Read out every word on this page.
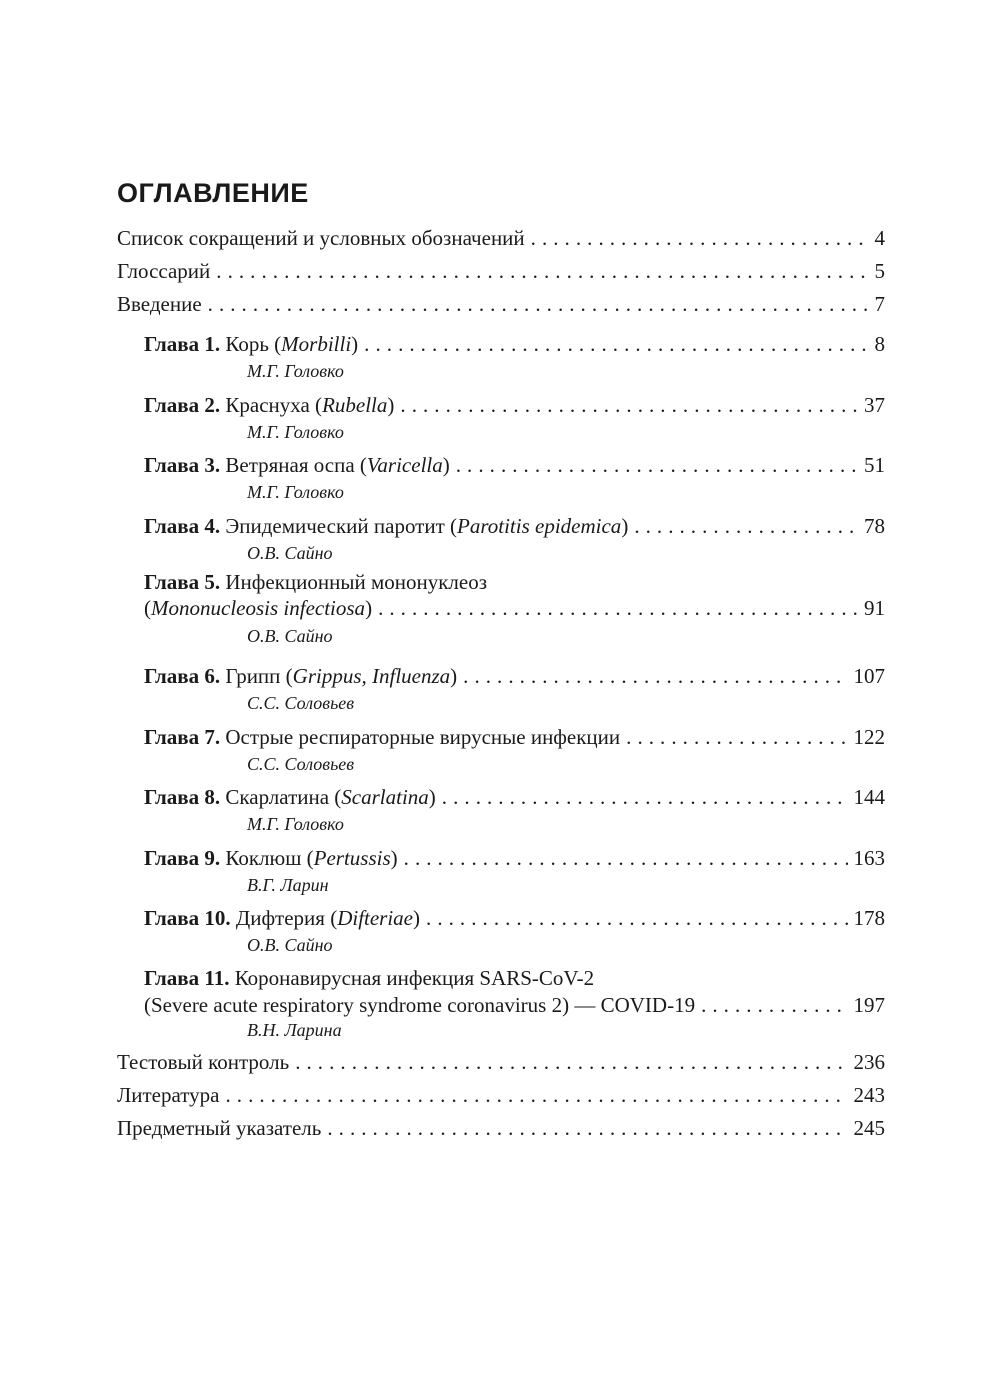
ОГЛАВЛЕНИЕ
Список сокращений и условных обозначений . . .	4
Глоссарий . . .	5
Введение . . .	7
Глава 1. Корь (Morbilli) . . .	8
М.Г. Головко
Глава 2. Краснуха (Rubella) . . .	37
М.Г. Головко
Глава 3. Ветряная оспа (Varicella) . . .	51
М.Г. Головко
Глава 4. Эпидемический паротит (Parotitis epidemica) . . .	78
О.В. Сайно
Глава 5. Инфекционный мононуклеоз
(Mononucleosis infectiosa) . . .	91
О.В. Сайно
Глава 6. Грипп (Grippus, Influenza) . . .	107
С.С. Соловьев
Глава 7. Острые респираторные вирусные инфекции . . .	122
С.С. Соловьев
Глава 8. Скарлатина (Scarlatina) . . .	144
М.Г. Головко
Глава 9. Коклюш (Pertussis) . . .	163
В.Г. Ларин
Глава 10. Дифтерия (Difteriae) . . .	178
О.В. Сайно
Глава 11. Коронавирусная инфекция SARS-CoV-2
(Severe acute respiratory syndrome coronavirus 2) — COVID-19 . . .	197
В.Н. Ларина
Тестовый контроль . . .	236
Литература . . .	243
Предметный указатель . . .	245
